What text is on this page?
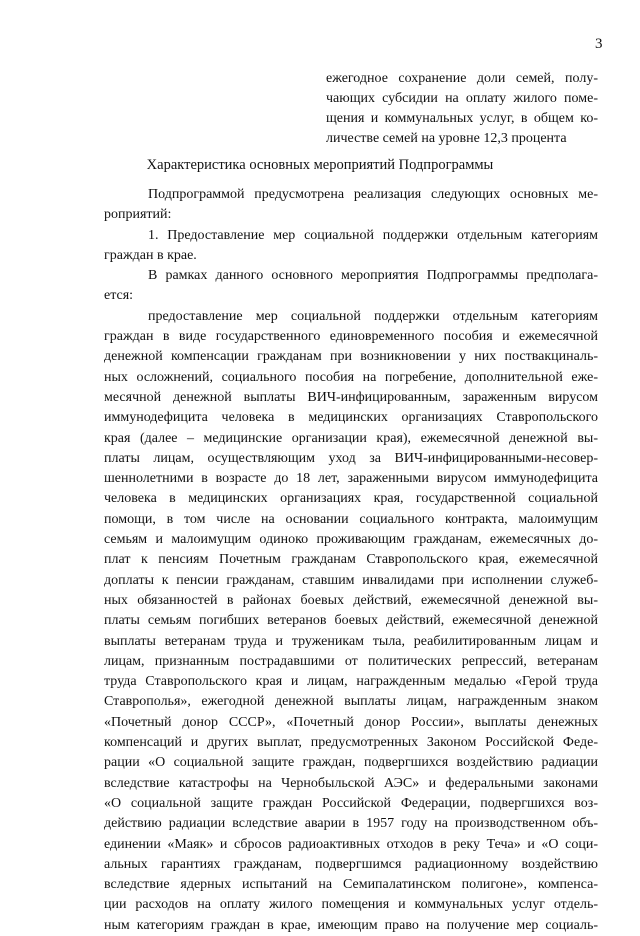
3
ежегодное сохранение доли семей, полу-
чающих субсидии на оплату жилого поме-
щения и коммунальных услуг, в общем ко-
личестве семей на уровне 12,3 процента
Характеристика основных мероприятий Подпрограммы

Подпрограммой предусмотрена реализация следующих основных ме-
роприятий:

1. Предоставление мер социальной поддержки отдельным категориям
граждан в крае.

В рамках данного основного мероприятия Подпрограммы предполага-
ется:

предоставление мер социальной поддержки отдельным категориям
граждан в виде государственного единовременного пособия и ежемесячной
денежной компенсации гражданам при возникновении у них поствакциналь-
ных осложнений, социального пособия на погребение, дополнительной еже-
месячной денежной выплаты ВИЧ-инфицированным, зараженным вирусом
иммунодефицита человека в медицинских организациях Ставропольского
края (далее – медицинские организации края), ежемесячной денежной вы-
платы лицам, осуществляющим уход за ВИЧ-инфицированными-несовер-
шеннолетними в возрасте до 18 лет, зараженными вирусом иммунодефицита
человека в медицинских организациях края, государственной социальной
помощи, в том числе на основании социального контракта, малоимущим
семьям и малоимущим одиноко проживающим гражданам, ежемесячных до-
плат к пенсиям Почетным гражданам Ставропольского края, ежемесячной
доплаты к пенсии гражданам, ставшим инвалидами при исполнении служеб-
ных обязанностей в районах боевых действий, ежемесячной денежной вы-
платы семьям погибших ветеранов боевых действий, ежемесячной денежной
выплаты ветеранам труда и труженикам тыла, реабилитированным лицам и
лицам, признанным пострадавшими от политических репрессий, ветеранам
труда Ставропольского края и лицам, награжденным медалью «Герой труда
Ставрополья», ежегодной денежной выплаты лицам, награжденным знаком
«Почетный донор СССР», «Почетный донор России», выплаты денежных
компенсаций и других выплат, предусмотренных Законом Российской Феде-
рации «О социальной защите граждан, подвергшихся воздействию радиации
вследствие катастрофы на Чернобыльской АЭС» и федеральными законами
«О социальной защите граждан Российской Федерации, подвергшихся воз-
действию радиации вследствие аварии в 1957 году на производственном объ-
единении «Маяк» и сбросов радиоактивных отходов в реку Теча» и «О соци-
альных гарантиях гражданам, подвергшимся радиационному воздействию
вследствие ядерных испытаний на Семипалатинском полигоне», компенса-
ции расходов на оплату жилого помещения и коммунальных услуг отдель-
ным категориям граждан в крае, имеющим право на получение мер социаль-
